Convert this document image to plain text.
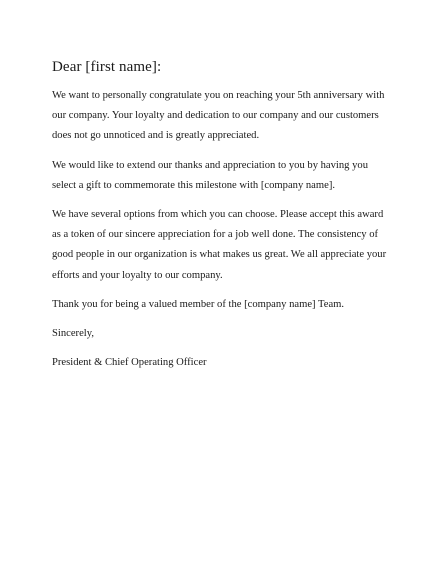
Dear [first name]:
We want to personally congratulate you on reaching your 5th anniversary with
our company. Your loyalty and dedication to our company and our customers
does not go unnoticed and is greatly appreciated.
We would like to extend our thanks and appreciation to you by having you
select a gift to commemorate this milestone with [company name].
We have several options from which you can choose. Please accept this award
as a token of our sincere appreciation for a job well done. The consistency of
good people in our organization is what makes us great. We all appreciate your
efforts and your loyalty to our company.
Thank you for being a valued member of the [company name] Team.
Sincerely,
President & Chief Operating Officer
